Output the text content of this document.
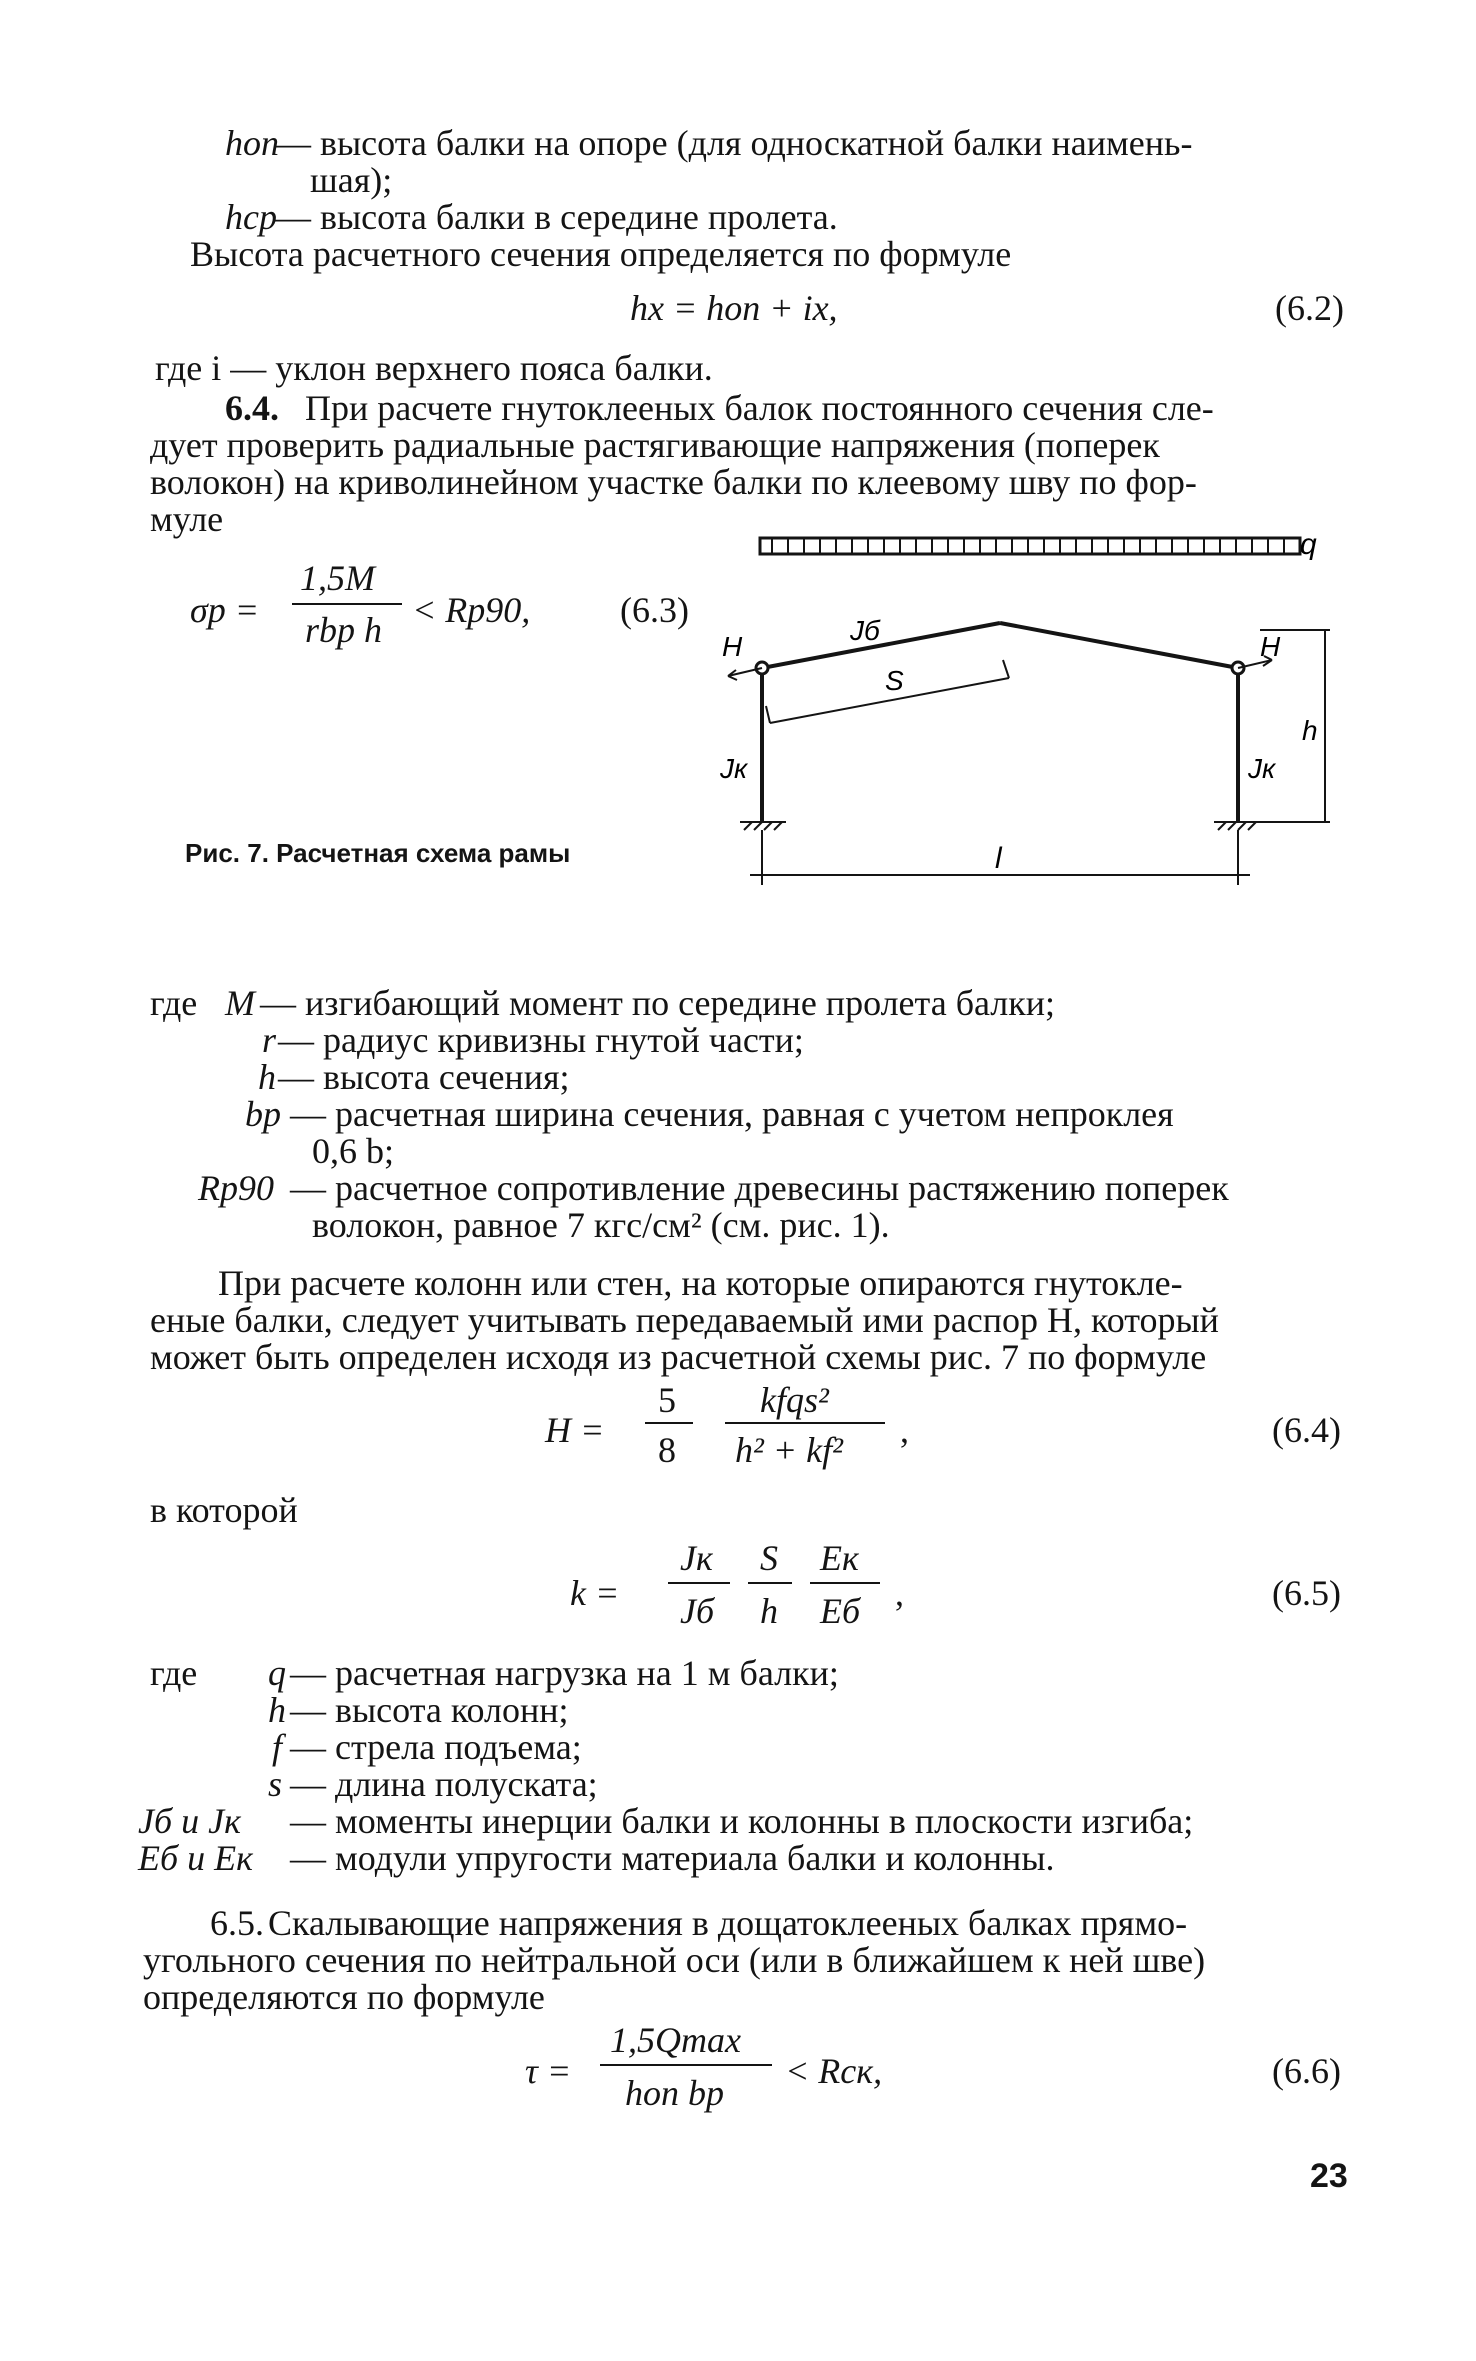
hоп
— высота балки на опоре (для односкатной балки наимень-
шая);
hср
— высота балки в середине пролета.
Высота расчетного сечения определяется по формуле
hx = hоп + ix,	(6.2)
где i — уклон верхнего пояса балки.
6.4. При расчете гнутоклееных балок постоянного сечения сле-
дует проверить радиальные растягивающие напряжения (поперек
волокон) на криволинейном участке балки по клеевому шву по фор-
муле
σр =
1,5M
rbр h < Rр90, (6.3)
q
Jб
S
H	H
Jк	Jк
h
l
Рис. 7. Расчетная схема рамы
где M — изгибающий момент по середине пролета балки;
r — радиус кривизны гнутой части;
h — высота сечения;
bр — расчетная ширина сечения, равная с учетом непроклея
0,6 b;
Rр90 — расчетное сопротивление древесины растяжению поперек
волокон, равное 7 кгс/см² (см. рис. 1).
При расчете колонн или стен, на которые опираются гнутокле-
еные балки, следует учитывать передаваемый ими распор H, который
может быть определен исходя из расчетной схемы рис. 7 по формуле
H =
5
8
kfqs²
h² + kf² ,	(6.4)
в которой
k =
Jк
Jб
S
h
Eк
Eб ,	(6.5)
где q — расчетная нагрузка на 1 м балки;
h — высота колонн;
f — стрела подъема;
s — длина полуската;
Jб и Jк — моменты инерции балки и колонны в плоскости изгиба;
Eб и Eк — модули упругости материала балки и колонны.
6.5. Скалывающие напряжения в дощатоклееных балках прямо-
угольного сечения по нейтральной оси (или в ближайшем к ней шве)
определяются по формуле
τ =
1,5Qmax
hоп bр
< Rск,	(6.6)
23
